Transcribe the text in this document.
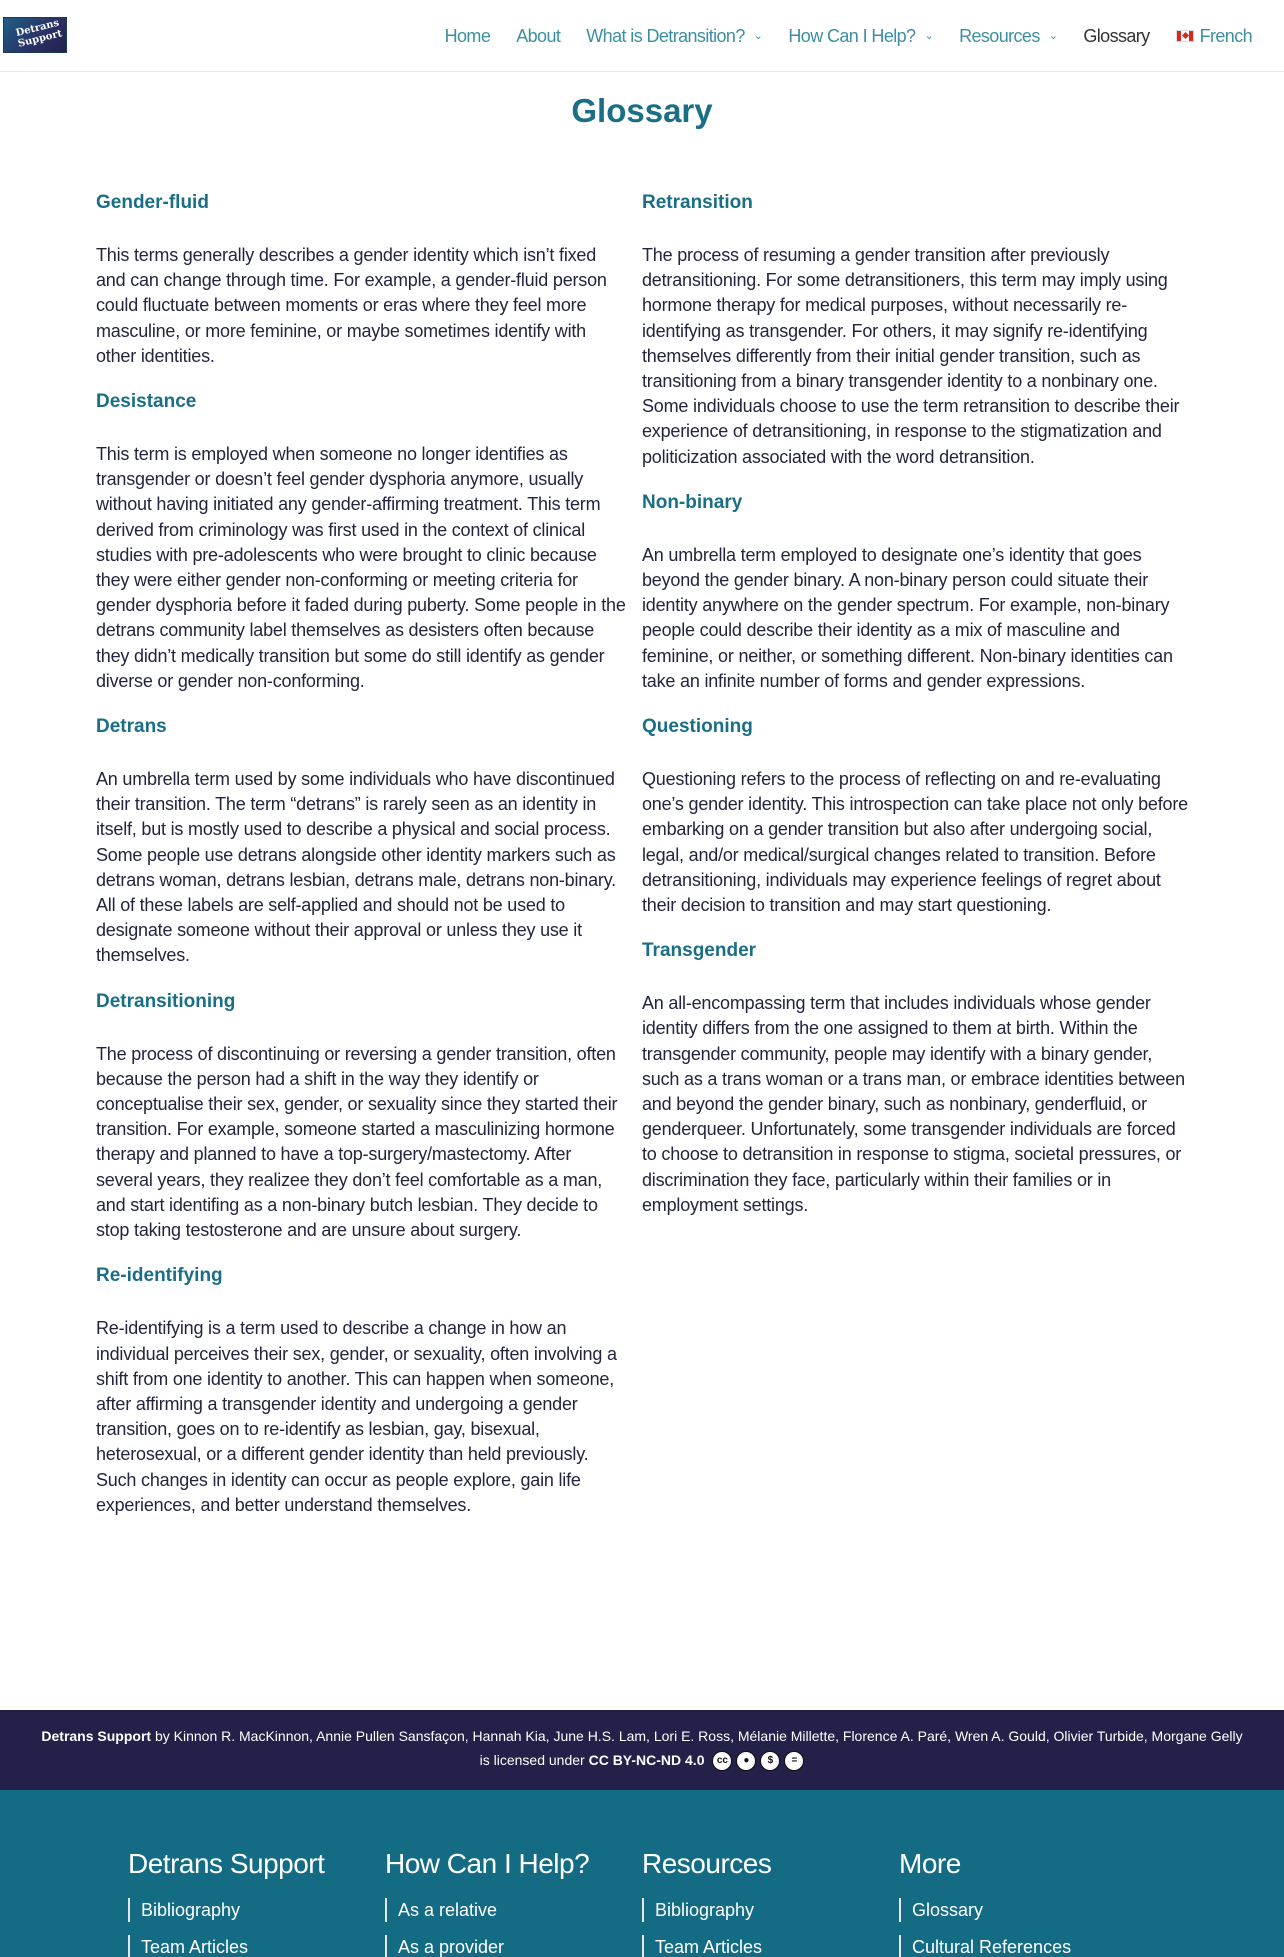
Detrans Support	Home About What is Detransition? ⌄ How Can I Help? ⌄ Resources ⌄ Glossary	French
Glossary
Gender-fluid

This terms generally describes a gender identity which isn’t fixed and can change through time. For example, a gender-fluid person could fluctuate between moments or eras where they feel more masculine, or more feminine, or maybe sometimes identify with other identities.

Desistance

This term is employed when someone no longer identifies as transgender or doesn’t feel gender dysphoria anymore, usually without having initiated any gender-affirming treatment. This term derived from criminology was first used in the context of clinical studies with pre-adolescents who were brought to clinic because they were either gender non-conforming or meeting criteria for gender dysphoria before it faded during puberty. Some people in the detrans community label themselves as desisters often because they didn’t medically transition but some do still identify as gender diverse or gender non-conforming.

Detrans

An umbrella term used by some individuals who have discontinued their transition. The term “detrans” is rarely seen as an identity in itself, but is mostly used to describe a physical and social process. Some people use detrans alongside other identity markers such as detrans woman, detrans lesbian, detrans male, detrans non-binary. All of these labels are self-applied and should not be used to designate someone without their approval or unless they use it themselves.

Detransitioning

The process of discontinuing or reversing a gender transition, often because the person had a shift in the way they identify or conceptualise their sex, gender, or sexuality since they started their transition. For example, someone started a masculinizing hormone therapy and planned to have a top-surgery/mastectomy. After several years, they realizee they don’t feel comfortable as a man, and start identifing as a non-binary butch lesbian. They decide to stop taking testosterone and are unsure about surgery.

Re-identifying

Re-identifying is a term used to describe a change in how an individual perceives their sex, gender, or sexuality, often involving a shift from one identity to another. This can happen when someone, after affirming a transgender identity and undergoing a gender transition, goes on to re-identify as lesbian, gay, bisexual, heterosexual, or a different gender identity than held previously. Such changes in identity can occur as people explore, gain life experiences, and better understand themselves.

Retransition

The process of resuming a gender transition after previously detransitioning. For some detransitioners, this term may imply using hormone therapy for medical purposes, without necessarily re-identifying as transgender. For others, it may signify re-identifying themselves differently from their initial gender transition, such as transitioning from a binary transgender identity to a nonbinary one. Some individuals choose to use the term retransition to describe their experience of detransitioning, in response to the stigmatization and politicization associated with the word detransition.

Non-binary

An umbrella term employed to designate one’s identity that goes beyond the gender binary. A non-binary person could situate their identity anywhere on the gender spectrum. For example, non-binary people could describe their identity as a mix of masculine and feminine, or neither, or something different. Non-binary identities can take an infinite number of forms and gender expressions.

Questioning

Questioning refers to the process of reflecting on and re-evaluating one’s gender identity. This introspection can take place not only before embarking on a gender transition but also after undergoing social, legal, and/or medical/surgical changes related to transition. Before detransitioning, individuals may experience feelings of regret about their decision to transition and may start questioning.

Transgender

An all-encompassing term that includes individuals whose gender identity differs from the one assigned to them at birth. Within the transgender community, people may identify with a binary gender, such as a trans woman or a trans man, or embrace identities between and beyond the gender binary, such as nonbinary, genderfluid, or genderqueer. Unfortunately, some transgender individuals are forced to choose to detransition in response to stigma, societal pressures, or discrimination they face, particularly within their families or in employment settings.

Detrans Support by Kinnon R. MacKinnon, Annie Pullen Sansfaçon, Hannah Kia, June H.S. Lam, Lori E. Ross, Mélanie Millette, Florence A. Paré, Wren A. Gould, Olivier Turbide, Morgane Gelly
is licensed under CC BY-NC-ND 4.0	cc	●	$	=
Detrans Support
Bibliography
Team Articles
How Can I Help?
As a relative
As a provider
Resources
Bibliography
Team Articles
More
Glossary
Cultural References
